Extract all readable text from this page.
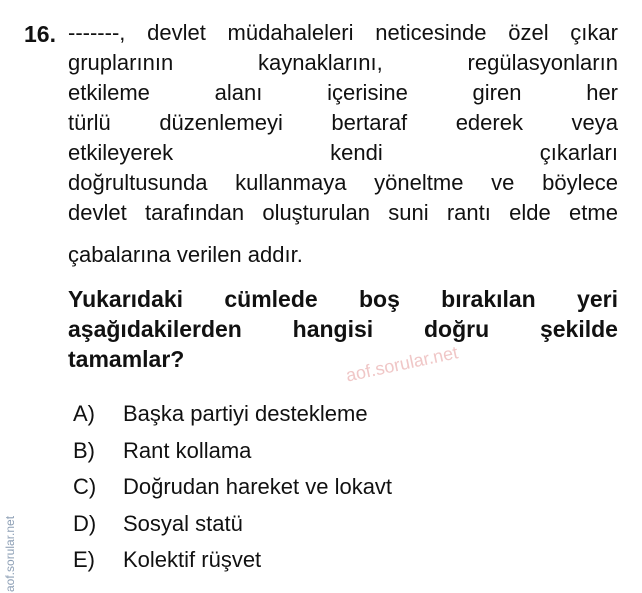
16. -------, devlet müdahaleleri neticesinde özel çıkar
gruplarının	kaynaklarını,	regülasyonların
etkileme	alanı	içerisine	giren	her
türlü düzenlemeyi bertaraf ederek veya
etkileyerek	kendi	çıkarları
doğrultusunda kullanmaya yöneltme ve böylece
devlet tarafından oluşturulan suni rantı elde etme
çabalarına verilen addır.
Yukarıdaki cümlede boş bırakılan yeri
aşağıdakilerden hangisi doğru şekilde
tamamlar?
A)	Başka partiyi destekleme
B)	Rant kollama
C)	Doğrudan hareket ve lokavt
D)	Sosyal statü
E)	Kolektif rüşvet
aof.sorular.net
aof.sorular.net
